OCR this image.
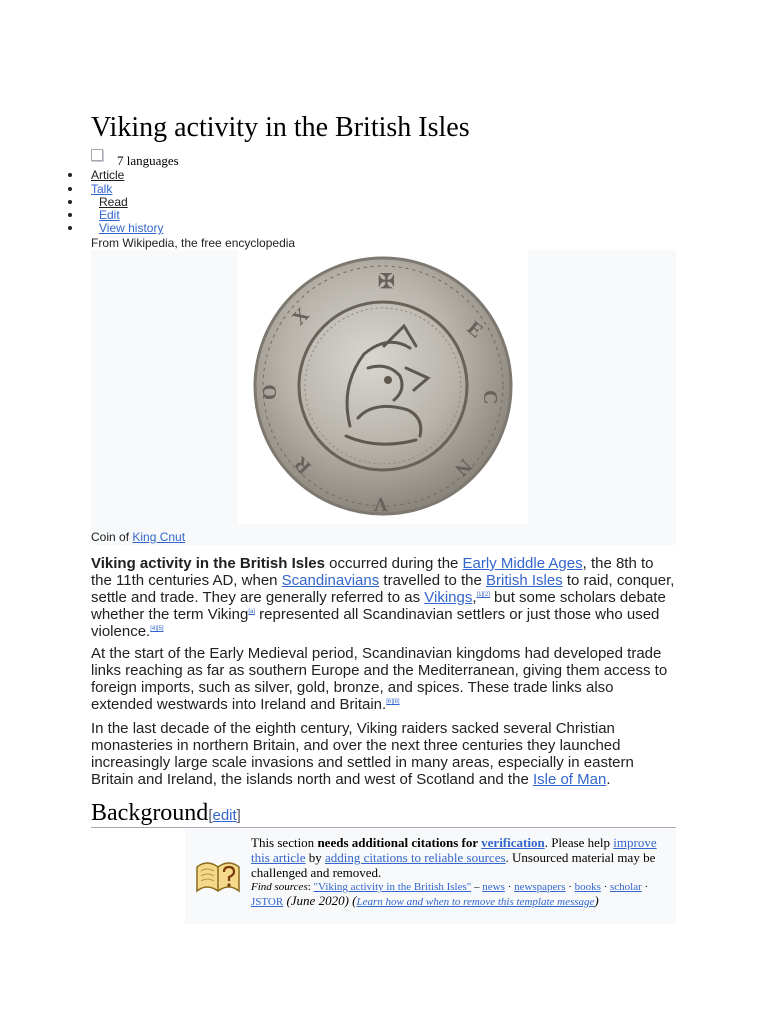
Viking activity in the British Isles
7 languages
Article
Talk
Read
Edit
View history
From Wikipedia, the free encyclopedia
✠
E
C
N
V
R
O
X
Coin of King Cnut

Viking activity in the British Isles occurred during the Early Middle Ages, the 8th to the 11th centuries AD, when Scandinavians travelled to the British Isles to raid, conquer, settle and trade. They are generally referred to as Vikings,[1][2] but some scholars debate whether the term Viking[a] represented all Scandinavian settlers or just those who used violence.[4][5]

At the start of the Early Medieval period, Scandinavian kingdoms had developed trade links reaching as far as southern Europe and the Mediterranean, giving them access to foreign imports, such as silver, gold, bronze, and spices. These trade links also extended westwards into Ireland and Britain.[6][8]

In the last decade of the eighth century, Viking raiders sacked several Christian monasteries in northern Britain, and over the next three centuries they launched increasingly large scale invasions and settled in many areas, especially in eastern Britain and Ireland, the islands north and west of Scotland and the Isle of Man.

Background[edit]
This section needs additional citations for verification. Please help improve this article by adding citations to reliable sources. Unsourced material may be challenged and removed.
Find sources: "Viking activity in the British Isles" – news · newspapers · books · scholar · JSTOR (June 2020) (Learn how and when to remove this template message)
